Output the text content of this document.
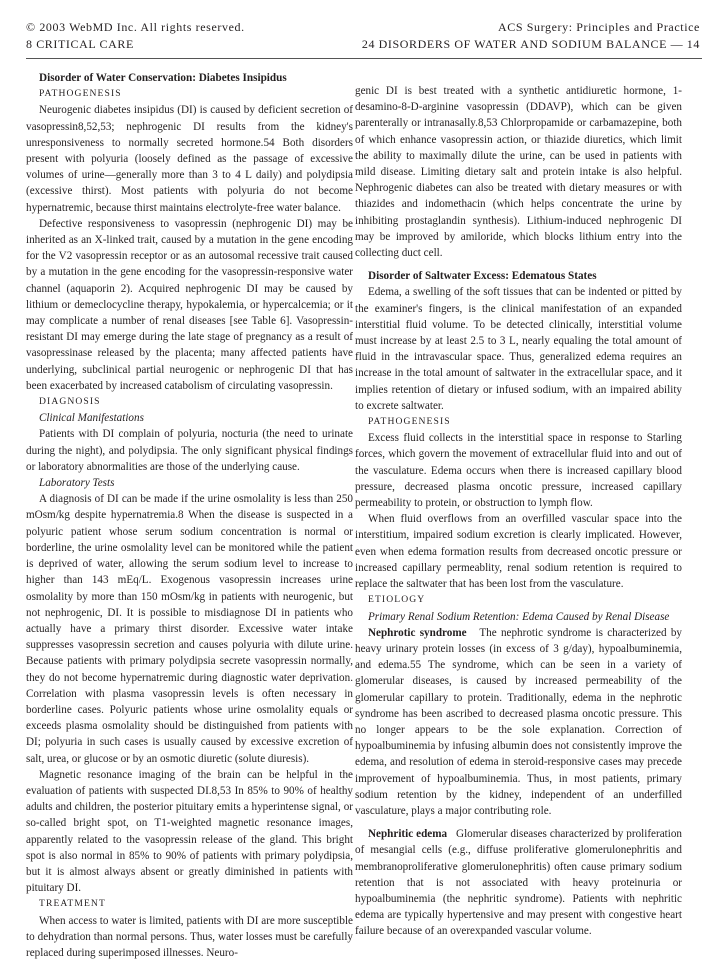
© 2003 WebMD Inc. All rights reserved.
8 CRITICAL CARE
ACS Surgery: Principles and Practice
24 DISORDERS OF WATER AND SODIUM BALANCE — 14

Disorder of Water Conservation: Diabetes Insipidus

PATHOGENESIS

Neurogenic diabetes insipidus (DI) is caused by deficient secretion of vasopressin8,52,53; nephrogenic DI results from the kidney's unresponsiveness to normally secreted hormone.54 Both disorders present with polyuria (loosely defined as the passage of excessive volumes of urine—generally more than 3 to 4 L daily) and polydipsia (excessive thirst). Most patients with polyuria do not become hypernatremic, because thirst maintains electrolyte-free water balance.

Defective responsiveness to vasopressin (nephrogenic DI) may be inherited as an X-linked trait, caused by a mutation in the gene encoding for the V2 vasopressin receptor or as an autosomal recessive trait caused by a mutation in the gene encoding for the vasopressin-responsive water channel (aquaporin 2). Acquired nephrogenic DI may be caused by lithium or demeclocycline therapy, hypokalemia, or hypercalcemia; or it may complicate a number of renal diseases [see Table 6]. Vasopressin-resistant DI may emerge during the late stage of pregnancy as a result of vasopressinase released by the placenta; many affected patients have underlying, subclinical partial neurogenic or nephrogenic DI that has been exacerbated by increased catabolism of circulating vasopressin.

DIAGNOSIS

Clinical Manifestations

Patients with DI complain of polyuria, nocturia (the need to urinate during the night), and polydipsia. The only significant physical findings or laboratory abnormalities are those of the underlying cause.

Laboratory Tests

A diagnosis of DI can be made if the urine osmolality is less than 250 mOsm/kg despite hypernatremia.8 When the disease is suspected in a polyuric patient whose serum sodium concentration is normal or borderline, the urine osmolality level can be monitored while the patient is deprived of water, allowing the serum sodium level to increase to higher than 143 mEq/L. Exogenous vasopressin increases urine osmolality by more than 150 mOsm/kg in patients with neurogenic, but not nephrogenic, DI. It is possible to misdiagnose DI in patients who actually have a primary thirst disorder. Excessive water intake suppresses vasopressin secretion and causes polyuria with dilute urine. Because patients with primary polydipsia secrete vasopressin normally, they do not become hypernatremic during diagnostic water deprivation. Correlation with plasma vasopressin levels is often necessary in borderline cases. Polyuric patients whose urine osmolality equals or exceeds plasma osmolality should be distinguished from patients with DI; polyuria in such cases is usually caused by excessive excretion of salt, urea, or glucose or by an osmotic diuretic (solute diuresis).

Magnetic resonance imaging of the brain can be helpful in the evaluation of patients with suspected DI.8,53 In 85% to 90% of healthy adults and children, the posterior pituitary emits a hyperintense signal, or so-called bright spot, on T1-weighted magnetic resonance images, apparently related to the vasopressin release of the gland. This bright spot is also normal in 85% to 90% of patients with primary polydipsia, but it is almost always absent or greatly diminished in patients with pituitary DI.

TREATMENT

When access to water is limited, patients with DI are more susceptible to dehydration than normal persons. Thus, water losses must be carefully replaced during superimposed illnesses. Neuro-

genic DI is best treated with a synthetic antidiuretic hormone, 1-desamino-8-D-arginine vasopressin (DDAVP), which can be given parenterally or intranasally.8,53 Chlorpropamide or carbamazepine, both of which enhance vasopressin action, or thiazide diuretics, which limit the ability to maximally dilute the urine, can be used in patients with mild disease. Limiting dietary salt and protein intake is also helpful. Nephrogenic diabetes can also be treated with dietary measures or with thiazides and indomethacin (which helps concentrate the urine by inhibiting prostaglandin synthesis). Lithium-induced nephrogenic DI may be improved by amiloride, which blocks lithium entry into the collecting duct cell.

Disorder of Saltwater Excess: Edematous States

Edema, a swelling of the soft tissues that can be indented or pitted by the examiner's fingers, is the clinical manifestation of an expanded interstitial fluid volume. To be detected clinically, interstitial volume must increase by at least 2.5 to 3 L, nearly equaling the total amount of fluid in the intravascular space. Thus, generalized edema requires an increase in the total amount of saltwater in the extracellular space, and it implies retention of dietary or infused sodium, with an impaired ability to excrete saltwater.

PATHOGENESIS

Excess fluid collects in the interstitial space in response to Starling forces, which govern the movement of extracellular fluid into and out of the vasculature. Edema occurs when there is increased capillary blood pressure, decreased plasma oncotic pressure, increased capillary permeability to protein, or obstruction to lymph flow.

When fluid overflows from an overfilled vascular space into the interstitium, impaired sodium excretion is clearly implicated. However, even when edema formation results from decreased oncotic pressure or increased capillary permeablity, renal sodium retention is required to replace the saltwater that has been lost from the vasculature.

ETIOLOGY

Primary Renal Sodium Retention: Edema Caused by Renal Disease

Nephrotic syndrome The nephrotic syndrome is characterized by heavy urinary protein losses (in excess of 3 g/day), hypoalbuminemia, and edema.55 The syndrome, which can be seen in a variety of glomerular diseases, is caused by increased permeability of the glomerular capillary to protein. Traditionally, edema in the nephrotic syndrome has been ascribed to decreased plasma oncotic pressure. This no longer appears to be the sole explanation. Correction of hypoalbuminemia by infusing albumin does not consistently improve the edema, and resolution of edema in steroid-responsive cases may precede improvement of hypoalbuminemia. Thus, in most patients, primary sodium retention by the kidney, independent of an underfilled vasculature, plays a major contributing role.

Nephritic edema Glomerular diseases characterized by proliferation of mesangial cells (e.g., diffuse proliferative glomerulonephritis and membranoproliferative glomerulonephritis) often cause primary sodium retention that is not associated with heavy proteinuria or hypoalbuminemia (the nephritic syndrome). Patients with nephritic edema are typically hypertensive and may present with congestive heart failure because of an overexpanded vascular volume.
